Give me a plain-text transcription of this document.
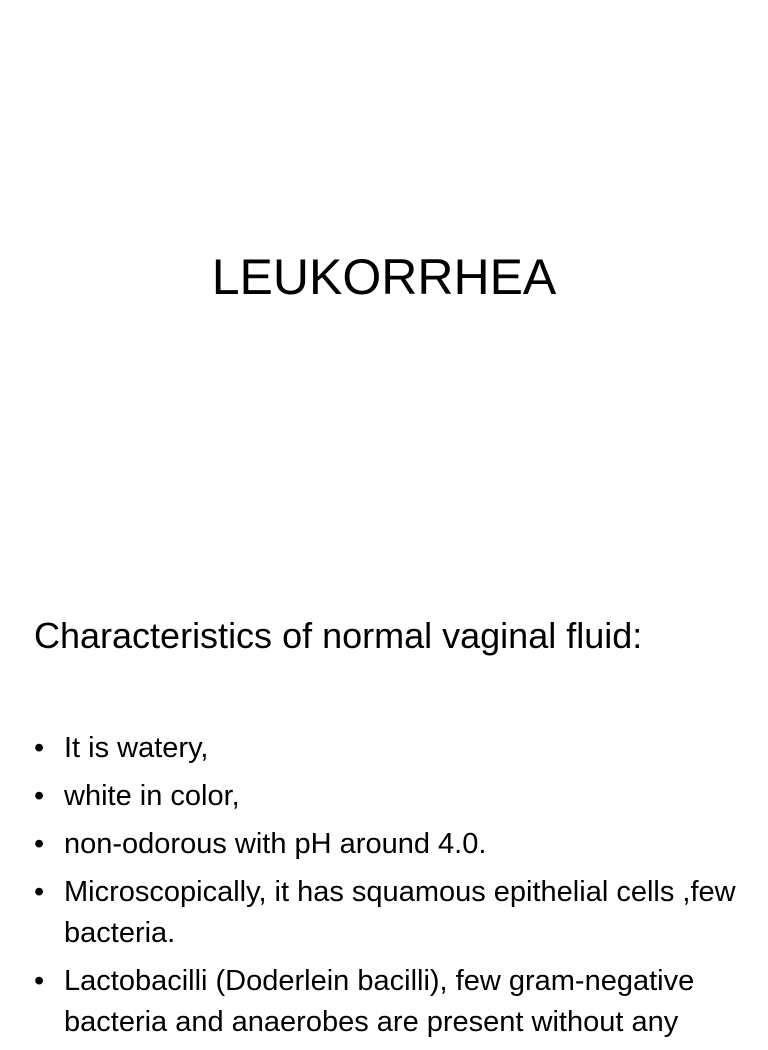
LEUKORRHEA
Characteristics of normal vaginal fluid:
• It is watery,
• white in color,
• non-odorous with pH around 4.0.
• Microscopically, it has squamous epithelial cells ,few bacteria.
• Lactobacilli (Doderlein bacilli), few gram-negative bacteria and anaerobes are present without any
